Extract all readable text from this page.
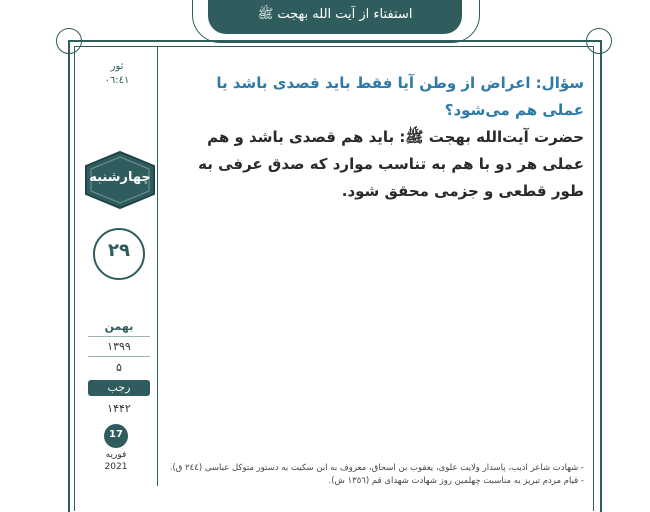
استفتاء از آیت الله بهجت ﷺ
ثور
۰٦:٤١
چهارشنبه
۲۹
بهمن
۱۳۹۹
۵
رجب
۱۴۴۲
17
فوریه
2021

سؤال: اعراض از وطن آیا فقط باید قصدی باشد یا عملی هم می‌شود؟

حضرت آیت‌الله بهجت ﷺ: باید هم قصدی باشد و هم عملی هر دو با هم به تناسب موارد که صدق عرفی به طور قطعی و جزمی محقق شود.

- شهادت شاعر ادیب، پاسدار ولایت علوی، یعقوب بن اسحاق، معروف به ابن سکیت به دستور متوکل عباسی (٢٤٤ ق).
- قیام مردم تبریز به مناسبت چهلمین روز شهادت شهدای قم (١٣٥٦ ش).
